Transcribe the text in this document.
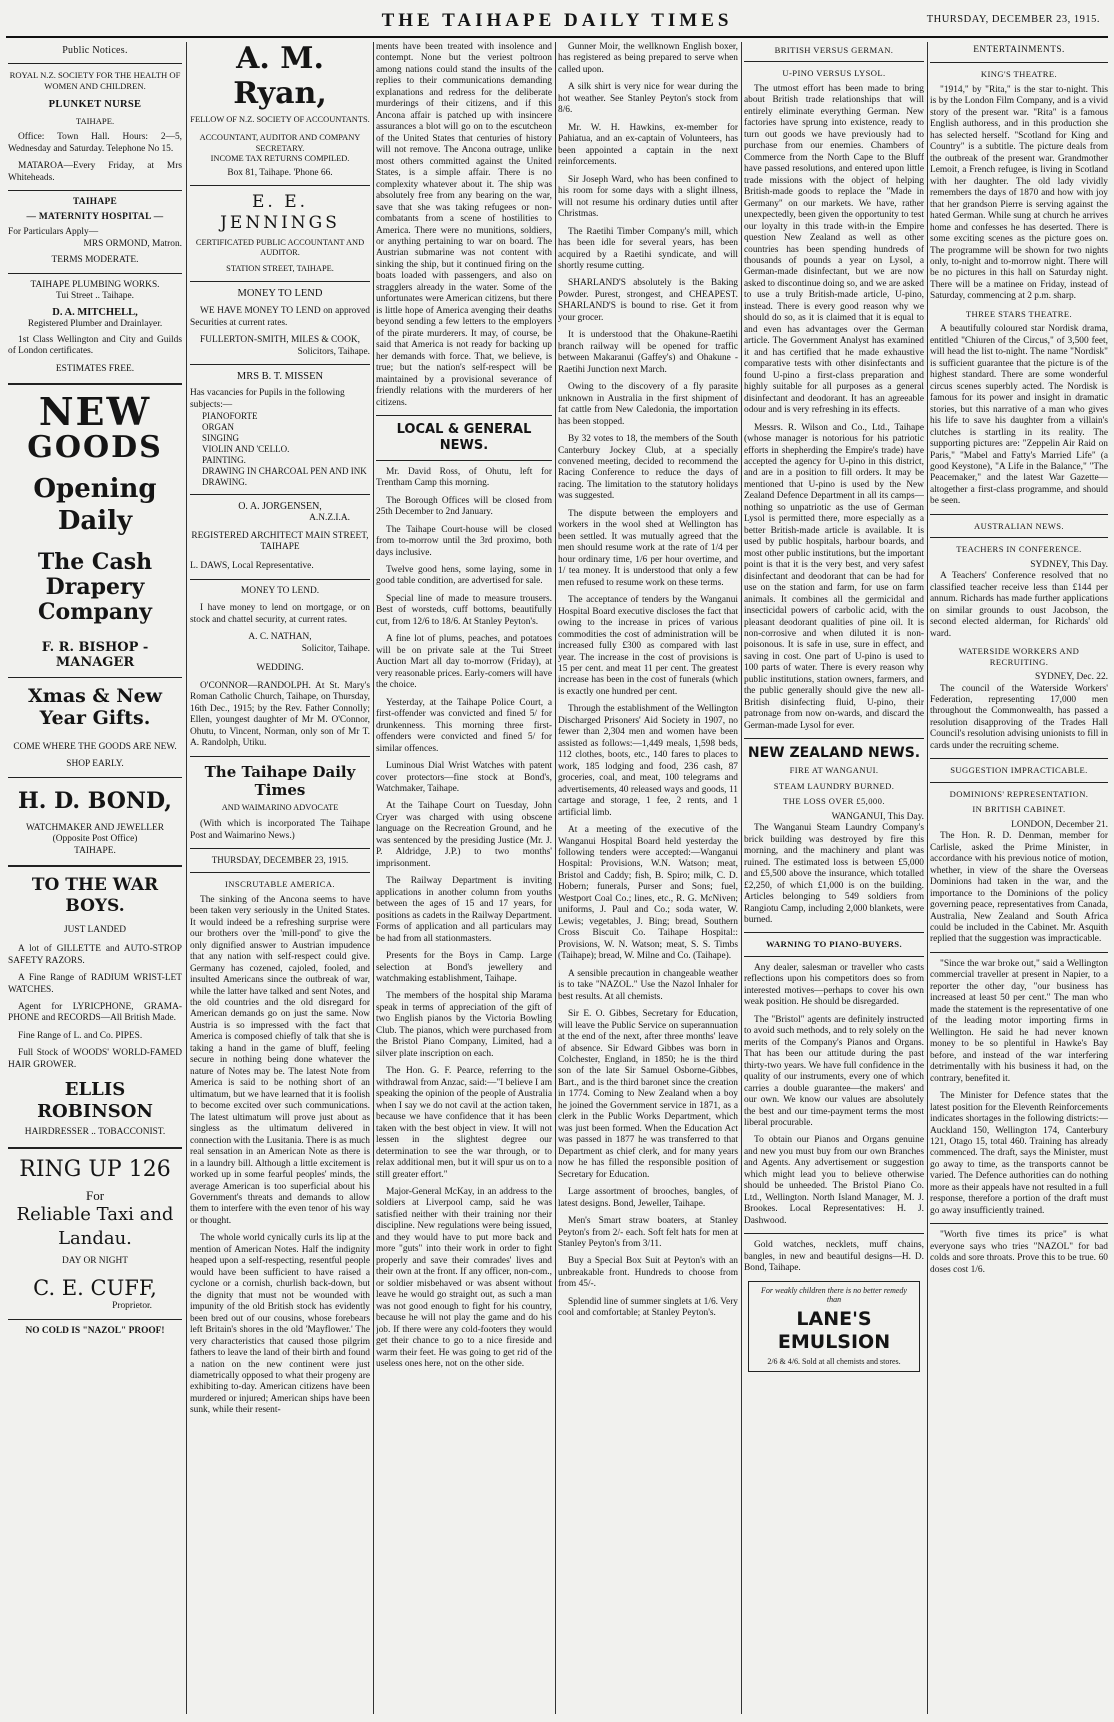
THE TAIHAPE DAILY TIMES	THURSDAY, DECEMBER 23, 1915.
Public Notices.
ROYAL N.Z. SOCIETY FOR THE HEALTH OF WOMEN AND CHILDREN.
PLUNKET NURSE
TAIHAPE.

Office: Town Hall. Hours: 2—5, Wednesday and Saturday. Telephone No 15.

MATAROA—Every Friday, at Mrs Whiteheads.

TAIHAPE
— MATERNITY HOSPITAL —
For Particulars Apply—
MRS ORMOND, Matron.
TERMS MODERATE.
TAIHAPE PLUMBING WORKS.
Tui Street .. Taihape.
D. A. MITCHELL,
Registered Plumber and Drainlayer.

1st Class Wellington and City and Guilds of London certificates.

ESTIMATES FREE.
NEW
GOODS
Opening Daily
The Cash Drapery Company
F. R. BISHOP - MANAGER
Xmas & New Year Gifts.
COME WHERE THE GOODS ARE NEW.
SHOP EARLY.
H. D. BOND,
WATCHMAKER AND JEWELLER
(Opposite Post Office)
TAIHAPE.
TO THE WAR BOYS.
JUST LANDED

A lot of GILLETTE and AUTO-STROP SAFETY RAZORS.

A Fine Range of RADIUM WRIST-LET WATCHES.

Agent for LYRICPHONE, GRAMA-PHONE and RECORDS—All British Made.

Fine Range of L. and Co. PIPES.

Full Stock of WOODS' WORLD-FAMED HAIR GROWER.

ELLIS ROBINSON
HAIRDRESSER .. TOBACCONIST.
RING UP 126
For
Reliable Taxi and Landau.
DAY OR NIGHT
C. E. CUFF,
Proprietor.
NO COLD IS "NAZOL" PROOF!
A. M. Ryan,
FELLOW OF N.Z. SOCIETY OF ACCOUNTANTS.
ACCOUNTANT, AUDITOR AND COMPANY SECRETARY.
INCOME TAX RETURNS COMPILED.
Box 81, Taihape. 'Phone 66.
E. E. JENNINGS
CERTIFICATED PUBLIC ACCOUNTANT AND AUDITOR.
STATION STREET, TAIHAPE.
MONEY TO LEND

WE HAVE MONEY TO LEND on approved Securities at current rates.

FULLERTON-SMITH, MILES & COOK,
Solicitors, Taihape.
MRS B. T. MISSEN
Has vacancies for Pupils in the following subjects:—
PIANOFORTE
ORGAN
SINGING
VIOLIN AND 'CELLO.
PAINTING.
DRAWING IN CHARCOAL PEN AND INK DRAWING.
O. A. JORGENSEN,
A.N.Z.I.A.
REGISTERED ARCHITECT MAIN STREET, TAIHAPE
L. DAWS, Local Representative.
MONEY TO LEND.

I have money to lend on mortgage, or on stock and chattel security, at current rates.

A. C. NATHAN,
Solicitor, Taihape.
WEDDING.

O'CONNOR—RANDOLPH. At St. Mary's Roman Catholic Church, Taihape, on Thursday, 16th Dec., 1915; by the Rev. Father Connolly; Ellen, youngest daughter of Mr M. O'Connor, Ohutu, to Vincent, Norman, only son of Mr T. A. Randolph, Utiku.

The Taihape Daily Times
AND WAIMARINO ADVOCATE

(With which is incorporated The Taihape Post and Waimarino News.)

THURSDAY, DECEMBER 23, 1915.
INSCRUTABLE AMERICA.

The sinking of the Ancona seems to have been taken very seriously in the United States. It would indeed be a refreshing surprise were our brothers over the 'mill-pond' to give the only dignified answer to Austrian impudence that any nation with self-respect could give. Germany has cozened, cajoled, fooled, and insulted Americans since the outbreak of war, while the latter have talked and sent Notes, and the old countries and the old disregard for American demands go on just the same. Now Austria is so impressed with the fact that America is composed chiefly of talk that she is taking a hand in the game of bluff, feeling secure in nothing being done whatever the nature of Notes may be. The latest Note from America is said to be nothing short of an ultimatum, but we have learned that it is foolish to become excited over such communications. The latest ultimatum will prove just about as singless as the ultimatum delivered in connection with the Lusitania. There is as much real sensation in an American Note as there is in a laundry bill. Although a little excitement is worked up in some fearful peoples' minds, the average American is too superficial about his Government's threats and demands to allow them to interfere with the even tenor of his way or thought.

The whole world cynically curls its lip at the mention of American Notes. Half the indignity heaped upon a self-respecting, resentful people would have been sufficient to have raised a cyclone or a cornish, churlish back-down, but the dignity that must not be wounded with impunity of the old British stock has evidently been bred out of our cousins, whose forebears left Britain's shores in the old 'Mayflower.' The very characteristics that caused those pilgrim fathers to leave the land of their birth and found a nation on the new continent were just diametrically opposed to what their progeny are exhibiting to-day. American citizens have been murdered or injured; American ships have been sunk, while their resent-

ments have been treated with insolence and contempt. None but the veriest poltroon among nations could stand the insults of the replies to their communications demanding explanations and redress for the deliberate murderings of their citizens, and if this Ancona affair is patched up with insincere assurances a blot will go on to the escutcheon of the United States that centuries of history will not remove. The Ancona outrage, unlike most others committed against the United States, is a simple affair. There is no complexity whatever about it. The ship was absolutely free from any bearing on the war, save that she was taking refugees or non-combatants from a scene of hostilities to America. There were no munitions, soldiers, or anything pertaining to war on board. The Austrian submarine was not content with sinking the ship, but it continued firing on the boats loaded with passengers, and also on stragglers already in the water. Some of the unfortunates were American citizens, but there is little hope of America avenging their deaths beyond sending a few letters to the employers of the pirate murderers. It may, of course, be said that America is not ready for backing up her demands with force. That, we believe, is true; but the nation's self-respect will be maintained by a provisional severance of friendly relations with the murderers of her citizens.

LOCAL & GENERAL NEWS.

Mr. David Ross, of Ohutu, left for Trentham Camp this morning.

The Borough Offices will be closed from 25th December to 2nd January.

The Taihape Court-house will be closed from to-morrow until the 3rd proximo, both days inclusive.

Twelve good hens, some laying, some in good table condition, are advertised for sale.

Special line of made to measure trousers. Best of worsteds, cuff bottoms, beautifully cut, from 12/6 to 18/6. At Stanley Peyton's.

A fine lot of plums, peaches, and potatoes will be on private sale at the Tui Street Auction Mart all day to-morrow (Friday), at very reasonable prices. Early-comers will have the choice.

Yesterday, at the Taihape Police Court, a first-offender was convicted and fined 5/ for drunkenness. This morning three first-offenders were convicted and fined 5/ for similar offences.

Luminous Dial Wrist Watches with patent cover protectors—fine stock at Bond's, Watchmaker, Taihape.

At the Taihape Court on Tuesday, John Cryer was charged with using obscene language on the Recreation Ground, and he was sentenced by the presiding Justice (Mr. J. P. Aldridge, J.P.) to two months' imprisonment.

The Railway Department is inviting applications in another column from youths between the ages of 15 and 17 years, for positions as cadets in the Railway Department. Forms of application and all particulars may be had from all stationmasters.

Presents for the Boys in Camp. Large selection at Bond's jewellery and watchmaking establishment, Taihape.

The members of the hospital ship Marama speak in terms of appreciation of the gift of two English pianos by the Victoria Bowling Club. The pianos, which were purchased from the Bristol Piano Company, Limited, had a silver plate inscription on each.

The Hon. G. F. Pearce, referring to the withdrawal from Anzac, said:—"I believe I am speaking the opinion of the people of Australia when I say we do not cavil at the action taken, because we have confidence that it has been taken with the best object in view. It will not lessen in the slightest degree our determination to see the war through, or to relax additional men, but it will spur us on to a still greater effort."

Major-General McKay, in an address to the soldiers at Liverpool camp, said he was satisfied neither with their training nor their discipline. New regulations were being issued, and they would have to put more back and more "guts" into their work in order to fight properly and save their comrades' lives and their own at the front. If any officer, non-com., or soldier misbehaved or was absent without leave he would go straight out, as such a man was not good enough to fight for his country, because he will not play the game and do his job. If there were any cold-footers they would get their chance to go to a nice fireside and warm their feet. He was going to get rid of the useless ones here, not on the other side.

Gunner Moir, the wellknown English boxer, has registered as being prepared to serve when called upon.

A silk shirt is very nice for wear during the hot weather. See Stanley Peyton's stock from 8/6.

Mr. W. H. Hawkins, ex-member for Pahiatua, and an ex-captain of Volunteers, has been appointed a captain in the next reinforcements.

Sir Joseph Ward, who has been confined to his room for some days with a slight illness, will not resume his ordinary duties until after Christmas.

The Raetihi Timber Company's mill, which has been idle for several years, has been acquired by a Raetihi syndicate, and will shortly resume cutting.

SHARLAND'S absolutely is the Baking Powder. Purest, strongest, and CHEAPEST. SHARLAND'S is bound to rise. Get it from your grocer.

It is understood that the Ohakune-Raetihi branch railway will be opened for traffic between Makaranui (Gaffey's) and Ohakune - Raetihi Junction next March.

Owing to the discovery of a fly parasite unknown in Australia in the first shipment of fat cattle from New Caledonia, the importation has been stopped.

By 32 votes to 18, the members of the South Canterbury Jockey Club, at a specially convened meeting, decided to recommend the Racing Conference to reduce the days of racing. The limitation to the statutory holidays was suggested.

The dispute between the employers and workers in the wool shed at Wellington has been settled. It was mutually agreed that the men should resume work at the rate of 1/4 per hour ordinary time, 1/6 per hour overtime, and 1/ tea money. It is understood that only a few men refused to resume work on these terms.

The acceptance of tenders by the Wanganui Hospital Board executive discloses the fact that owing to the increase in prices of various commodities the cost of administration will be increased fully £300 as compared with last year. The increase in the cost of provisions is 15 per cent. and meat 11 per cent. The greatest increase has been in the cost of funerals (which is exactly one hundred per cent.

Through the establishment of the Wellington Discharged Prisoners' Aid Society in 1907, no fewer than 2,304 men and women have been assisted as follows:—1,449 meals, 1,598 beds, 112 clothes, boots, etc., 140 fares to places to work, 185 lodging and food, 236 cash, 87 groceries, coal, and meat, 100 telegrams and advertisements, 40 released ways and goods, 11 cartage and storage, 1 fee, 2 rents, and 1 artificial limb.

At a meeting of the executive of the Wanganui Hospital Board held yesterday the following tenders were accepted:—Wanganui Hospital: Provisions, W.N. Watson; meat, Bristol and Caddy; fish, B. Spiro; milk, C. D. Hobern; funerals, Purser and Sons; fuel, Westport Coal Co.; lines, etc., R. G. McNiven; uniforms, J. Paul and Co.; soda water, W. Lewis; vegetables, J. Bing; bread, Southern Cross Biscuit Co. Taihape Hospital:: Provisions, W. N. Watson; meat, S. S. Timbs (Taihape); bread, W. Milne and Co. (Taihape).

A sensible precaution in changeable weather is to take "NAZOL." Use the Nazol Inhaler for best results. At all chemists.

Sir E. O. Gibbes, Secretary for Education, will leave the Public Service on superannuation at the end of the next, after three months' leave of absence. Sir Edward Gibbes was born in Colchester, England, in 1850; he is the third son of the late Sir Samuel Osborne-Gibbes, Bart., and is the third baronet since the creation in 1774. Coming to New Zealand when a boy he joined the Government service in 1871, as a clerk in the Public Works Department, which was just been formed. When the Education Act was passed in 1877 he was transferred to that Department as chief clerk, and for many years now he has filled the responsible position of Secretary for Education.

Large assortment of brooches, bangles, of latest designs. Bond, Jeweller, Taihape.

Men's Smart straw boaters, at Stanley Peyton's from 2/- each. Soft felt hats for men at Stanley Peyton's from 3/11.

Buy a Special Box Suit at Peyton's with an unbreakable front. Hundreds to choose from from 45/-.

Splendid line of summer singlets at 1/6. Very cool and comfortable; at Stanley Peyton's.

BRITISH VERSUS GERMAN.
U-PINO VERSUS LYSOL.

The utmost effort has been made to bring about British trade relationships that will entirely eliminate everything German. New factories have sprung into existence, ready to turn out goods we have previously had to purchase from our enemies. Chambers of Commerce from the North Cape to the Bluff have passed resolutions, and entered upon little trade missions with the object of helping British-made goods to replace the "Made in Germany" on our markets. We have, rather unexpectedly, been given the opportunity to test our loyalty in this trade with-in the Empire question New Zealand as well as other countries has been spending hundreds of thousands of pounds a year on Lysol, a German-made disinfectant, but we are now asked to discontinue doing so, and we are asked to use a truly British-made article, U-pino, instead. There is every good reason why we should do so, as it is claimed that it is equal to and even has advantages over the German article. The Government Analyst has examined it and has certified that he made exhaustive comparative tests with other disinfectants and found U-pino a first-class preparation and highly suitable for all purposes as a general disinfectant and deodorant. It has an agreeable odour and is very refreshing in its effects.

Messrs. R. Wilson and Co., Ltd., Taihape (whose manager is notorious for his patriotic efforts in shepherding the Empire's trade) have accepted the agency for U-pino in this district, and are in a position to fill orders. It may be mentioned that U-pino is used by the New Zealand Defence Department in all its camps—nothing so unpatriotic as the use of German Lysol is permitted there, more especially as a better British-made article is available. It is used by public hospitals, harbour boards, and most other public institutions, but the important point is that it is the very best, and very safest disinfectant and deodorant that can be had for use on the station and farm, for use on farm animals. It combines all the germicidal and insecticidal powers of carbolic acid, with the pleasant deodorant qualities of pine oil. It is non-corrosive and when diluted it is non-poisonous. It is safe in use, sure in effect, and saving in cost. One part of U-pino is used to 100 parts of water. There is every reason why public institutions, station owners, farmers, and the public generally should give the new all-British disinfecting fluid, U-pino, their patronage from now on-wards, and discard the German-made Lysol for ever.

NEW ZEALAND NEWS.
FIRE AT WANGANUI.
STEAM LAUNDRY BURNED.
THE LOSS OVER £5,000.
WANGANUI, This Day.

The Wanganui Steam Laundry Company's brick building was destroyed by fire this morning, and the machinery and plant was ruined. The estimated loss is between £5,000 and £5,500 above the insurance, which totalled £2,250, of which £1,000 is on the building. Articles belonging to 549 soldiers from Rangiotu Camp, including 2,000 blankets, were burned.

WARNING TO PIANO-BUYERS.

Any dealer, salesman or traveller who casts reflections upon his competitors does so from interested motives—perhaps to cover his own weak position. He should be disregarded.

The "Bristol" agents are definitely instructed to avoid such methods, and to rely solely on the merits of the Company's Pianos and Organs. That has been our attitude during the past thirty-two years. We have full confidence in the quality of our instruments, every one of which carries a double guarantee—the makers' and our own. We know our values are absolutely the best and our time-payment terms the most liberal procurable.

To obtain our Pianos and Organs genuine and new you must buy from our own Branches and Agents. Any advertisement or suggestion which might lead you to believe otherwise should be unheeded. The Bristol Piano Co. Ltd., Wellington. North Island Manager, M. J. Brookes. Local Representatives: H. J. Dashwood.

Gold watches, necklets, muff chains, bangles, in new and beautiful designs—H. D. Bond, Taihape.

For weakly children there is no better remedy than
LANE'S EMULSION
2/6 & 4/6. Sold at all chemists and stores.
ENTERTAINMENTS.
KING'S THEATRE.

"1914," by "Rita," is the star to-night. This is by the London Film Company, and is a vivid story of the present war. "Rita" is a famous English authoress, and in this production she has selected herself. "Scotland for King and Country" is a subtitle. The picture deals from the outbreak of the present war. Grandmother Lemoit, a French refugee, is living in Scotland with her daughter. The old lady vividly remembers the days of 1870 and how with joy that her grandson Pierre is serving against the hated German. While sung at church he arrives home and confesses he has deserted. There is some exciting scenes as the picture goes on. The programme will be shown for two nights only, to-night and to-morrow night. There will be no pictures in this hall on Saturday night. There will be a matinee on Friday, instead of Saturday, commencing at 2 p.m. sharp.

THREE STARS THEATRE.

A beautifully coloured star Nordisk drama, entitled "Chiuren of the Circus," of 3,500 feet, will head the list to-night. The name "Nordisk" is sufficient guarantee that the picture is of the highest standard. There are some wonderful circus scenes superbly acted. The Nordisk is famous for its power and insight in dramatic stories, but this narrative of a man who gives his life to save his daughter from a villain's clutches is startling in its reality. The supporting pictures are: "Zeppelin Air Raid on Paris," "Mabel and Fatty's Married Life" (a good Keystone), "A Life in the Balance," "The Peacemaker," and the latest War Gazette—altogether a first-class programme, and should be seen.

AUSTRALIAN NEWS.
TEACHERS IN CONFERENCE.
SYDNEY, This Day.

A Teachers' Conference resolved that no classified teacher receive less than £144 per annum. Richards has made further applications on similar grounds to oust Jacobson, the second elected alderman, for Richards' old ward.

WATERSIDE WORKERS AND RECRUITING.
SYDNEY, Dec. 22.

The council of the Waterside Workers' Federation, representing 17,000 men throughout the Commonwealth, has passed a resolution disapproving of the Trades Hall Council's resolution advising unionists to fill in cards under the recruiting scheme.

SUGGESTION IMPRACTICABLE.
DOMINIONS' REPRESENTATION.
IN BRITISH CABINET.
LONDON, December 21.

The Hon. R. D. Denman, member for Carlisle, asked the Prime Minister, in accordance with his previous notice of motion, whether, in view of the share the Overseas Dominions had taken in the war, and the importance to the Dominions of the policy governing peace, representatives from Canada, Australia, New Zealand and South Africa could be included in the Cabinet. Mr. Asquith replied that the suggestion was impracticable.

"Since the war broke out," said a Wellington commercial traveller at present in Napier, to a reporter the other day, "our business has increased at least 50 per cent." The man who made the statement is the representative of one of the leading motor importing firms in Wellington. He said he had never known money to be so plentiful in Hawke's Bay before, and instead of the war interfering detrimentally with his business it had, on the contrary, benefited it.

The Minister for Defence states that the latest position for the Eleventh Reinforcements indicates shortages in the following districts:—Auckland 150, Wellington 174, Canterbury 121, Otago 15, total 460. Training has already commenced. The draft, says the Minister, must go away to time, as the transports cannot be varied. The Defence authorities can do nothing more as their appeals have not resulted in a full response, therefore a portion of the draft must go away insufficiently trained.

"Worth five times its price" is what everyone says who tries "NAZOL" for bad colds and sore throats. Prove this to be true. 60 doses cost 1/6.
